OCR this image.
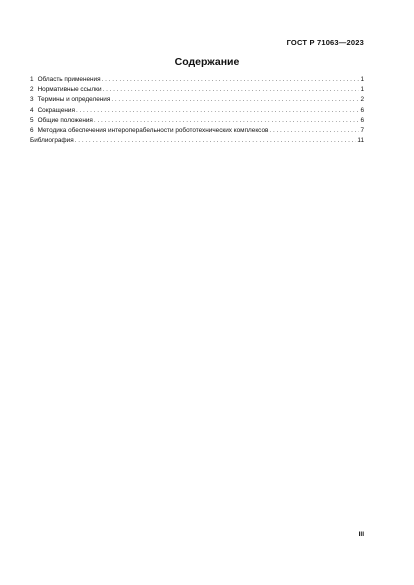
ГОСТ Р 71063—2023
Содержание
1 Область применения . . .	1
2 Нормативные ссылки . . .	1
3 Термины и определения . . .	2
4 Сокращения . . .	6
5 Общие положения . . .	6
6 Методика обеспечения интероперабельности робототехнических комплексов . . .	7
Библиография . . .	11
III
